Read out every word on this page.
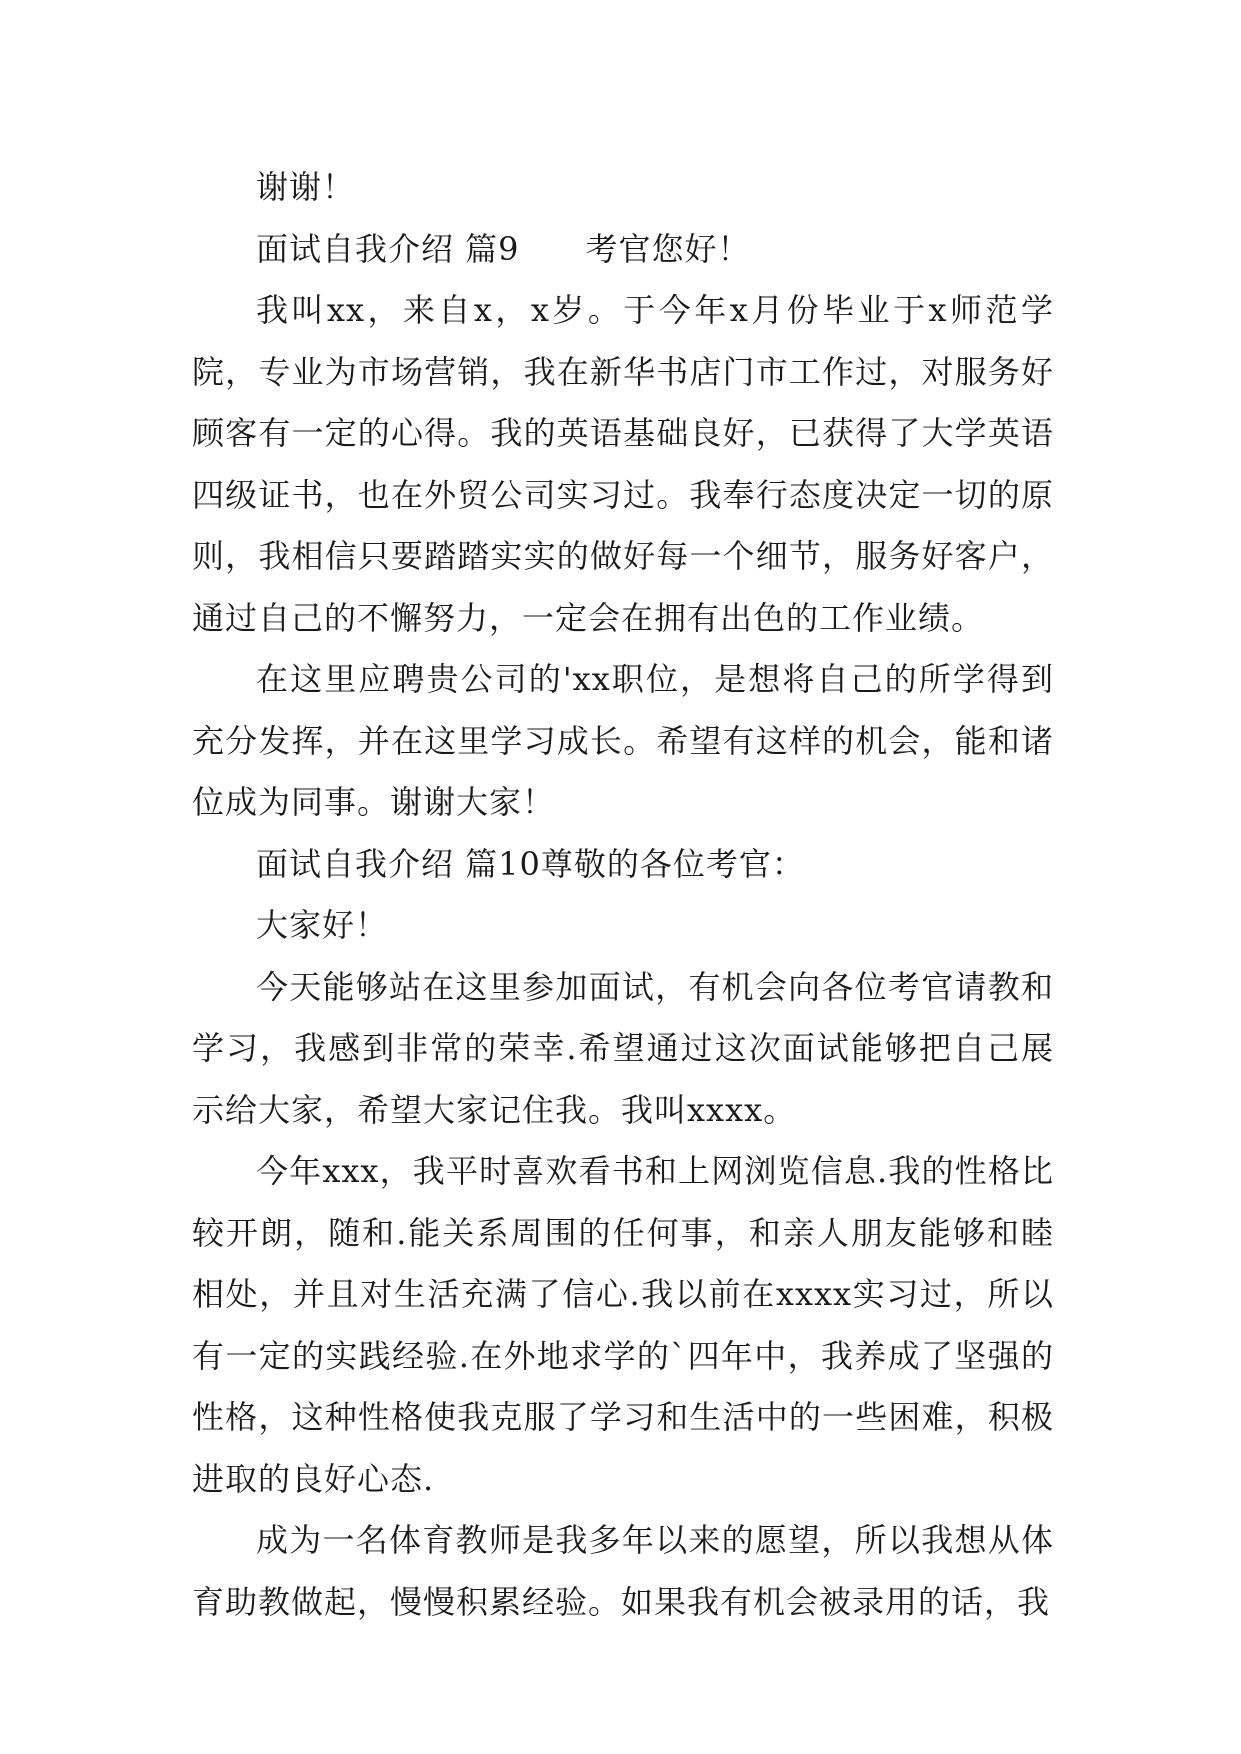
谢谢！

面试自我介绍 篇9　　考官您好！

我叫xx，来自x，x岁。于今年x月份毕业于x师范学院，专业为市场营销，我在新华书店门市工作过，对服务好顾客有一定的心得。我的英语基础良好，已获得了大学英语四级证书，也在外贸公司实习过。我奉行态度决定一切的原则，我相信只要踏踏实实的做好每一个细节，服务好客户，通过自己的不懈努力，一定会在拥有出色的工作业绩。

在这里应聘贵公司的'xx职位，是想将自己的所学得到充分发挥，并在这里学习成长。希望有这样的机会，能和诸位成为同事。谢谢大家！

面试自我介绍 篇10尊敬的各位考官：

大家好！

今天能够站在这里参加面试，有机会向各位考官请教和学习，我感到非常的荣幸.希望通过这次面试能够把自己展示给大家，希望大家记住我。我叫xxxx。

今年xxx，我平时喜欢看书和上网浏览信息.我的性格比较开朗，随和.能关系周围的任何事，和亲人朋友能够和睦相处，并且对生活充满了信心.我以前在xxxx实习过，所以有一定的实践经验.在外地求学的`四年中，我养成了坚强的性格，这种性格使我克服了学习和生活中的一些困难，积极进取的良好心态.

成为一名体育教师是我多年以来的愿望，所以我想从体育助教做起，慢慢积累经验。如果我有机会被录用的话，我
